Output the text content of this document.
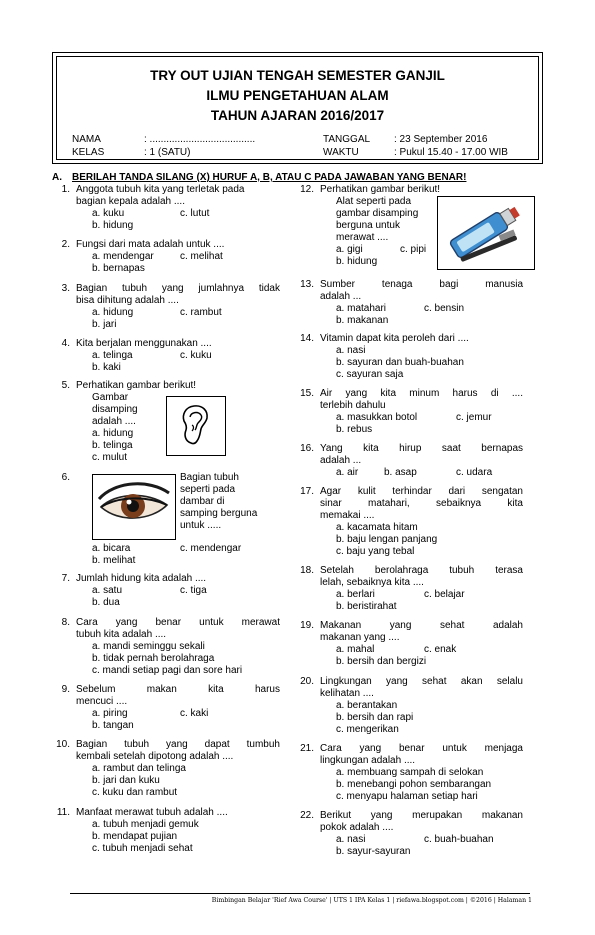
TRY OUT UJIAN TENGAH SEMESTER GANJIL
ILMU PENGETAHUAN ALAM
TAHUN AJARAN 2016/2017
NAMA	: ......................................
KELAS	: 1 (SATU)
TANGGAL : 23 September 2016
WAKTU	: Pukul 15.40 - 17.00 WIB
A. BERILAH TANDA SILANG (X) HURUF A, B, ATAU C PADA JAWABAN YANG BENAR!
1. Anggota tubuh kita yang terletak pada
bagian kepala adalah ....
a. kuku	c. lutut
b. hidung
2. Fungsi dari mata adalah untuk ....
a. mendengar	c. melihat
b. bernapas
3. Bagian tubuh yang jumlahnya tidak
bisa dihitung adalah ....
a. hidung	c. rambut
b. jari
4. Kita berjalan menggunakan ....
a. telinga	c. kuku
b. kaki
5. Perhatikan gambar berikut!
Gambar
disamping
adalah ....
a. hidung
b. telinga
c. mulut
6.	Bagian tubuh
seperti pada
dambar di
samping berguna
untuk .....
a. bicara	c. mendengar
b. melihat
7. Jumlah hidung kita adalah ....
a. satu	c. tiga
b. dua
8. Cara yang benar untuk merawat
tubuh kita adalah ....
a. mandi seminggu sekali
b. tidak pernah berolahraga
c. mandi setiap pagi dan sore hari
9. Sebelum makan kita harus
mencuci ....
a. piring	c. kaki
b. tangan
10. Bagian tubuh yang dapat tumbuh
kembali setelah dipotong adalah ....
a. rambut dan telinga
b. jari dan kuku
c. kuku dan rambut
11. Manfaat merawat tubuh adalah ....
a. tubuh menjadi gemuk
b. mendapat pujian
c. tubuh menjadi sehat
12. Perhatikan gambar berikut!
Alat seperti pada
gambar disamping
berguna untuk
merawat ....
a. gigi	c. pipi
b. hidung
13. Sumber tenaga bagi manusia
adalah ...
a. matahari	c. bensin
b. makanan
14. Vitamin dapat kita peroleh dari ....
a. nasi
b. sayuran dan buah-buahan
c. sayuran saja
15. Air yang kita minum harus di ....
terlebih dahulu
a. masukkan botol	c. jemur
b. rebus
16. Yang kita hirup saat bernapas
adalah ...
a. air	b. asap	c. udara
17. Agar kulit terhindar dari sengatan
sinar matahari, sebaiknya kita
memakai ....
a. kacamata hitam
b. baju lengan panjang
c. baju yang tebal
18. Setelah berolahraga tubuh terasa
lelah, sebaiknya kita ....
a. berlari	c. belajar
b. beristirahat
19. Makanan yang sehat adalah
makanan yang ....
a. mahal	c. enak
b. bersih dan bergizi
20. Lingkungan yang sehat akan selalu
kelihatan ....
a. berantakan
b. bersih dan rapi
c. mengerikan
21. Cara yang benar untuk menjaga
lingkungan adalah ....
a. membuang sampah di selokan
b. menebangi pohon sembarangan
c. menyapu halaman setiap hari
22. Berikut yang merupakan makanan
pokok adalah ....
a. nasi	c. buah-buahan
b. sayur-sayuran
Bimbingan Belajar 'Rief Awa Course' | UTS 1 IPA Kelas 1 | riefawa.blogspot.com | ©2016 | Halaman 1
